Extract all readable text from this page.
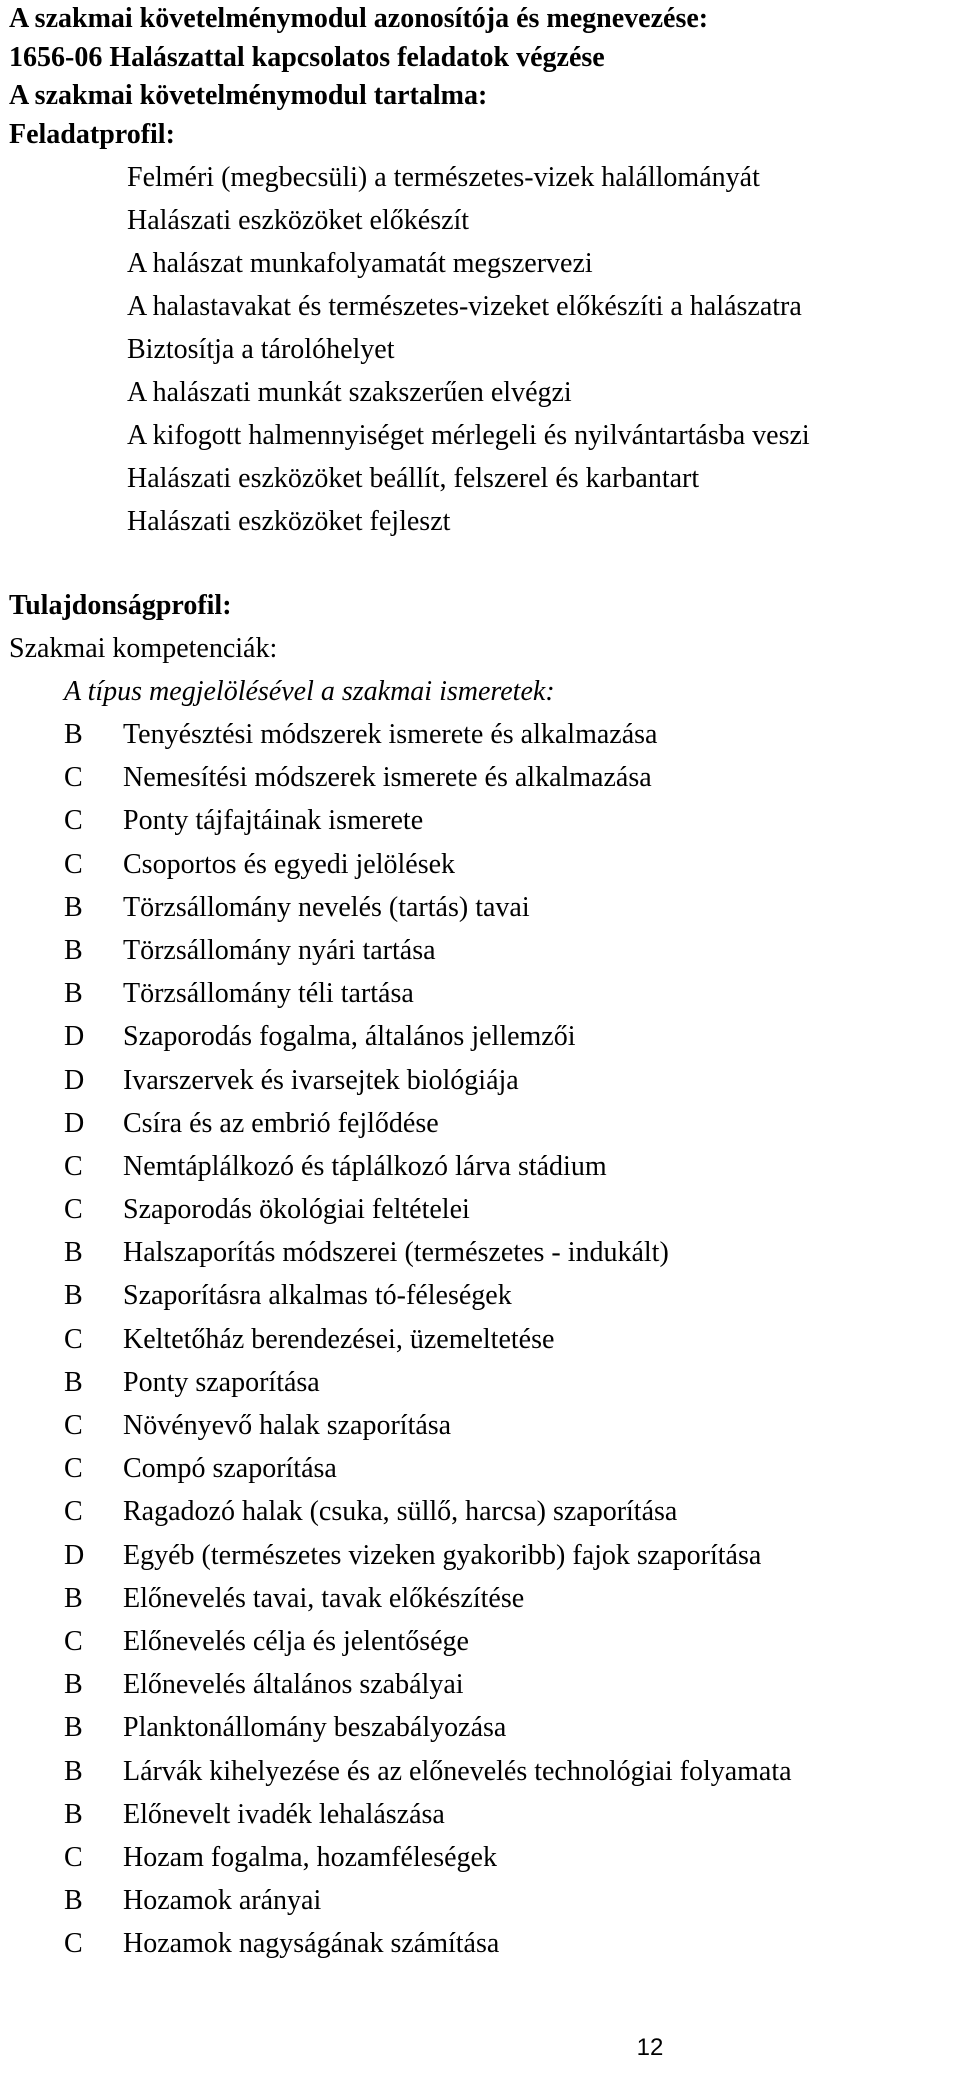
A szakmai követelménymodul azonosítója és megnevezése:
1656-06 Halászattal kapcsolatos feladatok végzése
A szakmai követelménymodul tartalma:
Feladatprofil:
Felméri (megbecsüli) a természetes-vizek halállományát
Halászati eszközöket előkészít
A halászat munkafolyamatát megszervezi
A halastavakat és természetes-vizeket előkészíti a halászatra
Biztosítja a tárolóhelyet
A halászati munkát szakszerűen elvégzi
A kifogott halmennyiséget mérlegeli és nyilvántartásba veszi
Halászati eszközöket beállít, felszerel és karbantart
Halászati eszközöket fejleszt
Tulajdonságprofil:
Szakmai kompetenciák:
A típus megjelölésével a szakmai ismeretek:
B	Tenyésztési módszerek ismerete és alkalmazása
C	Nemesítési módszerek ismerete és alkalmazása
C	Ponty tájfajtáinak ismerete
C	Csoportos és egyedi jelölések
B	Törzsállomány nevelés (tartás) tavai
B	Törzsállomány nyári tartása
B	Törzsállomány téli tartása
D	Szaporodás fogalma, általános jellemzői
D	Ivarszervek és ivarsejtek biológiája
D	Csíra és az embrió fejlődése
C	Nemtáplálkozó és táplálkozó lárva stádium
C	Szaporodás ökológiai feltételei
B	Halszaporítás módszerei (természetes - indukált)
B	Szaporításra alkalmas tó-féleségek
C	Keltetőház berendezései, üzemeltetése
B	Ponty szaporítása
C	Növényevő halak szaporítása
C	Compó szaporítása
C	Ragadozó halak (csuka, süllő, harcsa) szaporítása
D	Egyéb (természetes vizeken gyakoribb) fajok szaporítása
B	Előnevelés tavai, tavak előkészítése
C	Előnevelés célja és jelentősége
B	Előnevelés általános szabályai
B	Planktonállomány beszabályozása
B	Lárvák kihelyezése és az előnevelés technológiai folyamata
B	Előnevelt ivadék lehalászása
C	Hozam fogalma, hozamféleségek
B	Hozamok arányai
C	Hozamok nagyságának számítása
12
